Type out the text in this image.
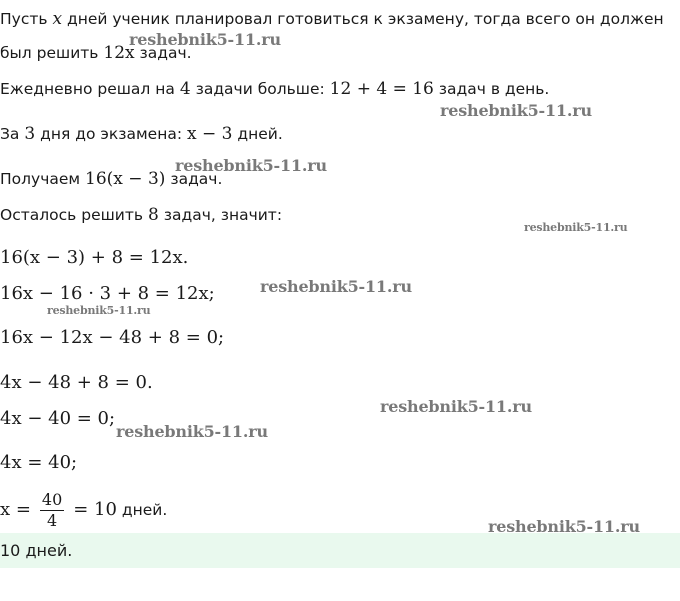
Пусть x дней ученик планировал готовиться к экзамену, тогда всего он должен
был решить 12x задач.
Ежедневно решал на 4 задачи больше: 12 + 4 = 16 задач в день.
За 3 дня до экзамена: x − 3 дней.
Получаем 16(x − 3) задач.
Осталось решить 8 задач, значит:
16(x − 3) + 8 = 12x.
16x − 16 · 3 + 8 = 12x;
16x − 12x − 48 + 8 = 0;
4x − 48 + 8 = 0.
4x − 40 = 0;
4x = 40;
$x = \frac{40}{4} = 10$ дней.
10 дней.
reshebnik5-11.ru
reshebnik5-11.ru
reshebnik5-11.ru
reshebnik5-11.ru
reshebnik5-11.ru
reshebnik5-11.ru
reshebnik5-11.ru
reshebnik5-11.ru
reshebnik5-11.ru
